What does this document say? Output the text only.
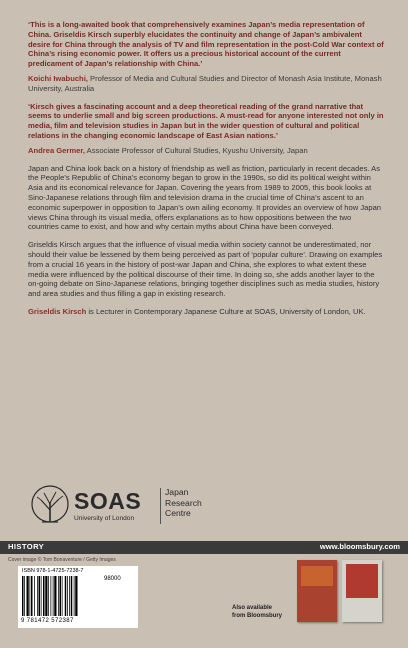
‘This is a long-awaited book that comprehensively examines Japan’s media representation of China. Griseldis Kirsch superbly elucidates the continuity and change of Japan’s ambivalent desire for China through the analysis of TV and film representation in the post-Cold War context of China’s rising economic power. It offers us a precious historical account of the current predicament of Japan’s relationship with China.’

Koichi Iwabuchi, Professor of Media and Cultural Studies and Director of Monash Asia Institute, Monash University, Australia

‘Kirsch gives a fascinating account and a deep theoretical reading of the grand narrative that seems to underlie small and big screen productions. A must-read for anyone interested not only in media, film and television studies in Japan but in the wider question of cultural and political relations in the changing economic landscape of East Asian nations.’

Andrea Germer, Associate Professor of Cultural Studies, Kyushu University, Japan

Japan and China look back on a history of friendship as well as friction, particularly in recent decades. As the People’s Republic of China’s economy began to grow in the 1990s, so did its political weight within Asia and its economical relevance for Japan. Covering the years from 1989 to 2005, this book looks at Sino-Japanese relations through film and television drama in the crucial time of China’s ascent to an economic superpower in opposition to Japan’s own ailing economy. It provides an overview of how Japan views China through its visual media, offers explanations as to how oppositions between the two countries came to exist, and how and why certain myths about China have been conveyed.

Griseldis Kirsch argues that the influence of visual media within society cannot be underestimated, nor should their value be lessened by them being perceived as part of ‘popular culture’. Drawing on examples from a crucial 16 years in the history of post-war Japan and China, she explores to what extent these media were influenced by the political discourse of their time. In doing so, she adds another layer to the on-going debate on Sino-Japanese relations, bringing together disciplines such as media studies, history and area studies and thus filling a gap in existing research.

Griseldis Kirsch is Lecturer in Contemporary Japanese Culture at SOAS, University of London, UK.

SOAS
University of London
Japan
Research
Centre
HISTORY	www.bloomsbury.com
Cover image © Tom Bonaventure / Getty Images
ISBN 978-1-4725-7238-7
98000
9 781472 572387
Also available
from Bloomsbury
